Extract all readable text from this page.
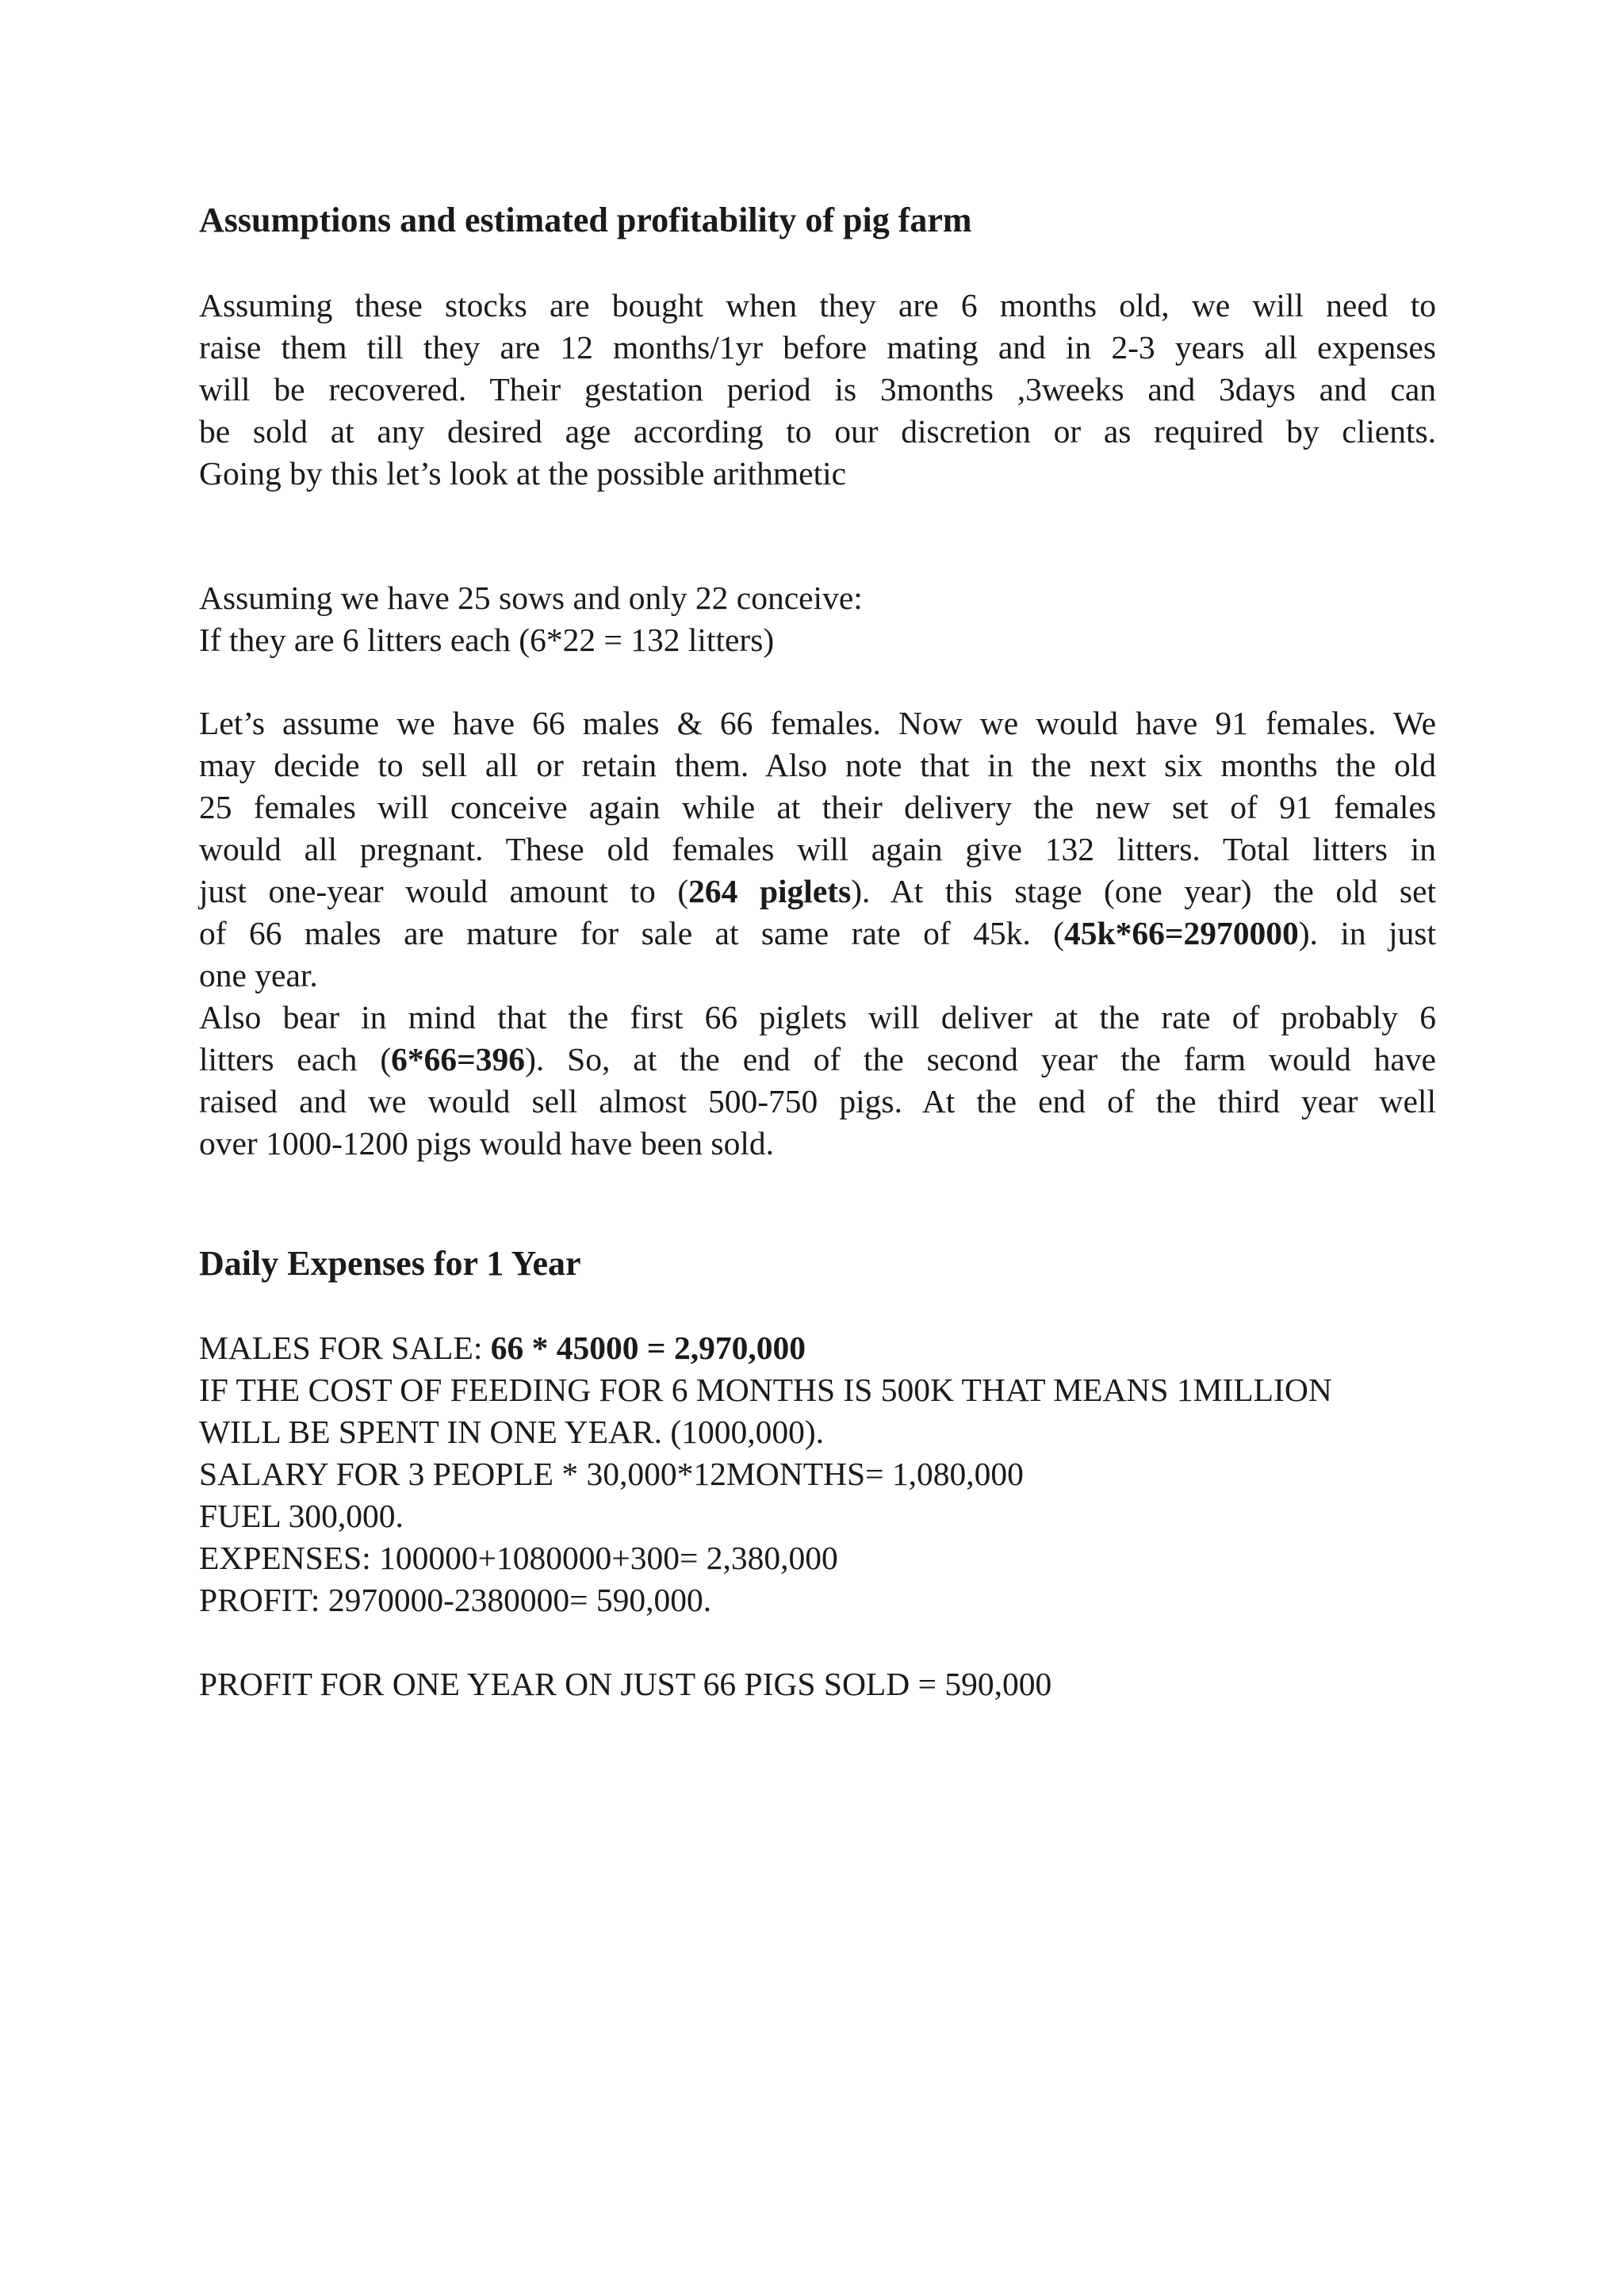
Assumptions and estimated profitability of pig farm
Assuming these stocks are bought when they are 6 months old, we will need to
raise them till they are 12 months/1yr before mating and in 2-3 years all expenses
will be recovered. Their gestation period is 3months ,3weeks and 3days and can
be sold at any desired age according to our discretion or as required by clients.
Going by this let’s look at the possible arithmetic
Assuming we have 25 sows and only 22 conceive:
If they are 6 litters each (6*22 = 132 litters)
Let’s assume we have 66 males & 66 females. Now we would have 91 females. We
may decide to sell all or retain them. Also note that in the next six months the old
25 females will conceive again while at their delivery the new set of 91 females
would all pregnant. These old females will again give 132 litters. Total litters in
just one-year would amount to (264 piglets). At this stage (one year) the old set
of 66 males are mature for sale at same rate of 45k. (45k*66=2970000). in just
one year.
Also bear in mind that the first 66 piglets will deliver at the rate of probably 6
litters each (6*66=396). So, at the end of the second year the farm would have
raised and we would sell almost 500-750 pigs. At the end of the third year well
over 1000-1200 pigs would have been sold.
Daily Expenses for 1 Year
MALES FOR SALE: 66 * 45000 = 2,970,000
IF THE COST OF FEEDING FOR 6 MONTHS IS 500K THAT MEANS 1MILLION
WILL BE SPENT IN ONE YEAR. (1000,000).
SALARY FOR 3 PEOPLE * 30,000*12MONTHS= 1,080,000
FUEL 300,000.
EXPENSES: 100000+1080000+300= 2,380,000
PROFIT: 2970000-2380000= 590,000.
PROFIT FOR ONE YEAR ON JUST 66 PIGS SOLD = 590,000
